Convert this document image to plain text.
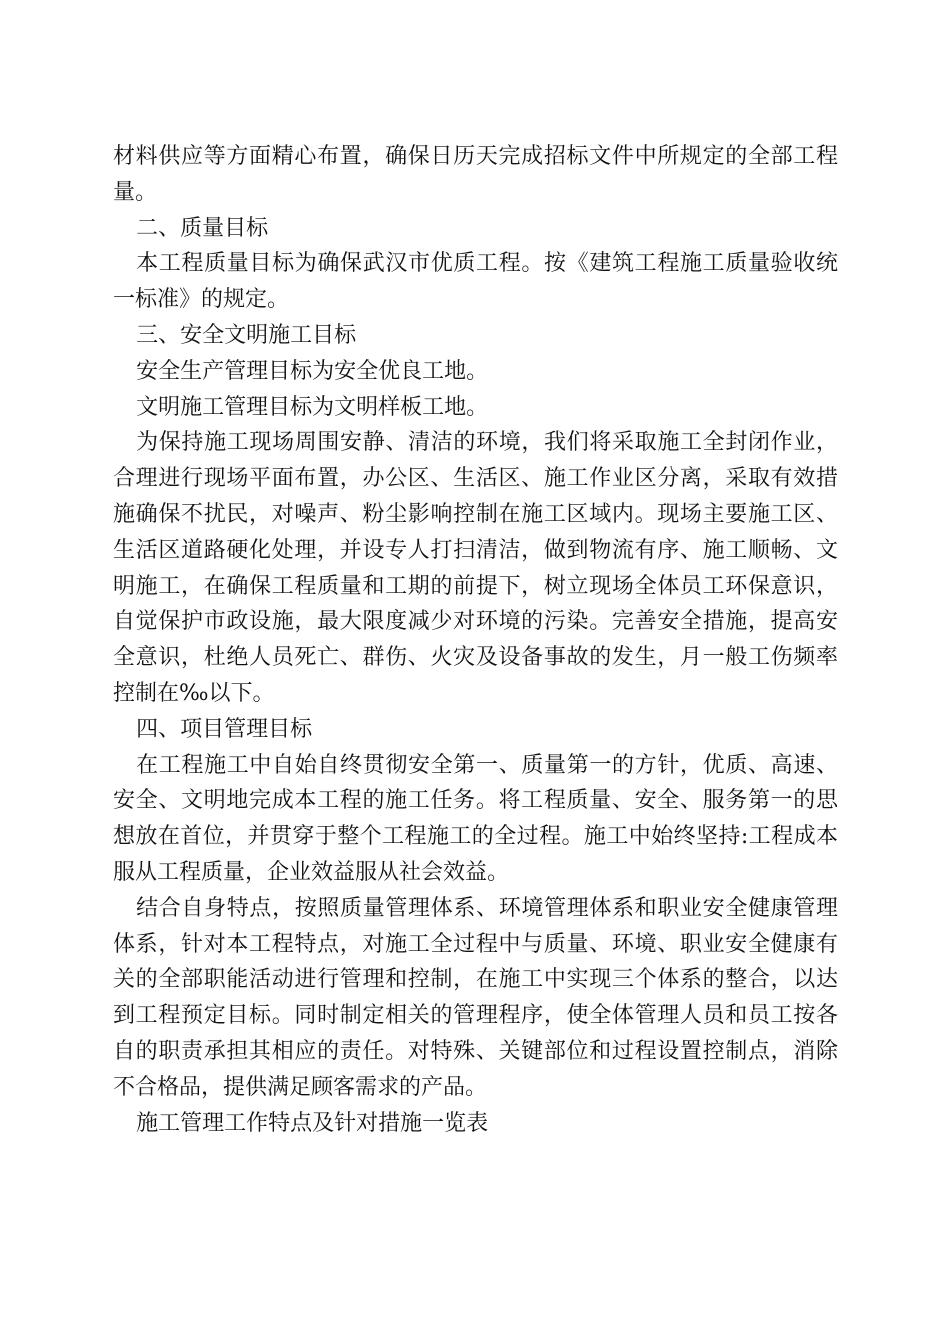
材料供应等方面精心布置，确保日历天完成招标文件中所规定的全部工程量。

二、质量目标

本工程质量目标为确保武汉市优质工程。按《建筑工程施工质量验收统一标准》的规定。

三、安全文明施工目标

安全生产管理目标为安全优良工地。

文明施工管理目标为文明样板工地。

为保持施工现场周围安静、清洁的环境，我们将采取施工全封闭作业，合理进行现场平面布置，办公区、生活区、施工作业区分离，采取有效措施确保不扰民，对噪声、粉尘影响控制在施工区域内。现场主要施工区、生活区道路硬化处理，并设专人打扫清洁，做到物流有序、施工顺畅、文明施工，在确保工程质量和工期的前提下，树立现场全体员工环保意识，自觉保护市政设施，最大限度减少对环境的污染。完善安全措施，提高安全意识，杜绝人员死亡、群伤、火灾及设备事故的发生，月一般工伤频率控制在‰以下。

四、项目管理目标

在工程施工中自始自终贯彻安全第一、质量第一的方针，优质、高速、安全、文明地完成本工程的施工任务。将工程质量、安全、服务第一的思想放在首位，并贯穿于整个工程施工的全过程。施工中始终坚持:工程成本服从工程质量，企业效益服从社会效益。

结合自身特点，按照质量管理体系、环境管理体系和职业安全健康管理体系，针对本工程特点，对施工全过程中与质量、环境、职业安全健康有关的全部职能活动进行管理和控制，在施工中实现三个体系的整合，以达到工程预定目标。同时制定相关的管理程序，使全体管理人员和员工按各自的职责承担其相应的责任。对特殊、关键部位和过程设置控制点，消除不合格品，提供满足顾客需求的产品。

施工管理工作特点及针对措施一览表
